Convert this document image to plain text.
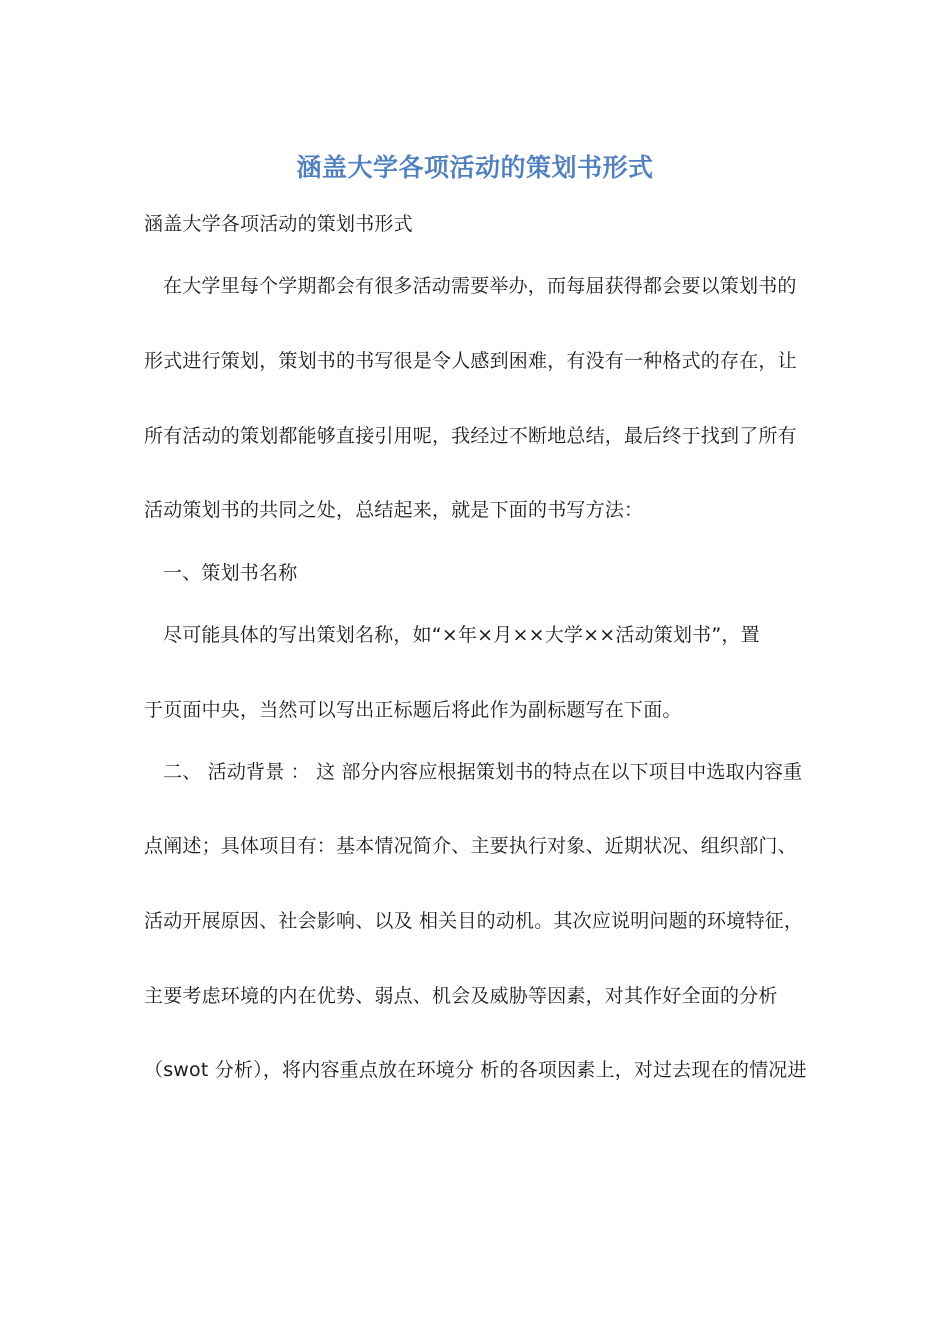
涵盖大学各项活动的策划书形式
涵盖大学各项活动的策划书形式
在大学里每个学期都会有很多活动需要举办，而每届获得都会要以策划书的
形式进行策划，策划书的书写很是令人感到困难，有没有一种格式的存在，让
所有活动的策划都能够直接引用呢，我经过不断地总结，最后终于找到了所有
活动策划书的共同之处，总结起来，就是下面的书写方法：
一、策划书名称
尽可能具体的写出策划名称，如“×年×月××大学××活动策划书”，置
于页面中央，当然可以写出正标题后将此作为副标题写在下面。
二、 活动背景 ： 这 部分内容应根据策划书的特点在以下项目中选取内容重
点阐述；具体项目有：基本情况简介、主要执行对象、近期状况、组织部门、
活动开展原因、社会影响、以及 相关目的动机。其次应说明问题的环境特征，
主要考虑环境的内在优势、弱点、机会及威胁等因素，对其作好全面的分析
（swot 分析），将内容重点放在环境分 析的各项因素上，对过去现在的情况进
